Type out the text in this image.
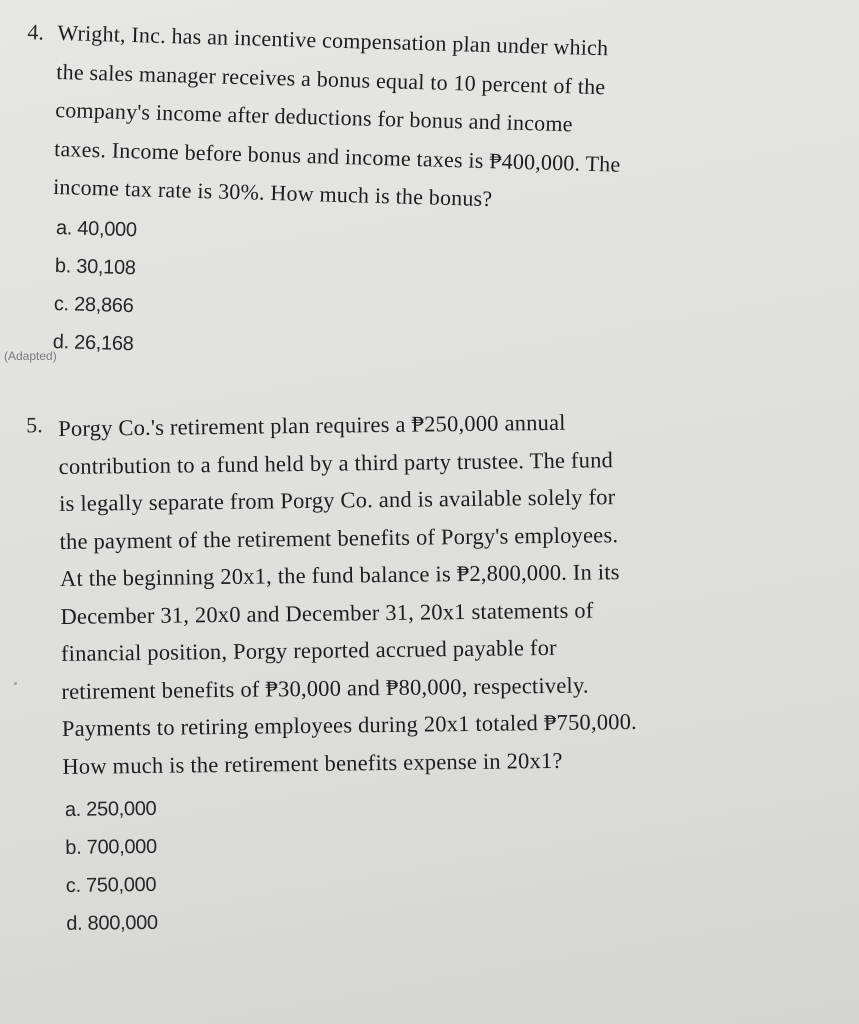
4. Wright, Inc. has an incentive compensation plan under which
the sales manager receives a bonus equal to 10 percent of the
company's income after deductions for bonus and income
taxes. Income before bonus and income taxes is ₱400,000. The
income tax rate is 30%. How much is the bonus?
a. 40,000
b. 30,108
c. 28,866
d. 26,168
(Adapted)
5. Porgy Co.'s retirement plan requires a ₱250,000 annual
contribution to a fund held by a third party trustee. The fund
is legally separate from Porgy Co. and is available solely for
the payment of the retirement benefits of Porgy's employees.
At the beginning 20x1, the fund balance is ₱2,800,000. In its
December 31, 20x0 and December 31, 20x1 statements of
financial position, Porgy reported accrued payable for
retirement benefits of ₱30,000 and ₱80,000, respectively.
Payments to retiring employees during 20x1 totaled ₱750,000.
How much is the retirement benefits expense in 20x1?
a. 250,000
b. 700,000
c. 750,000
d. 800,000
